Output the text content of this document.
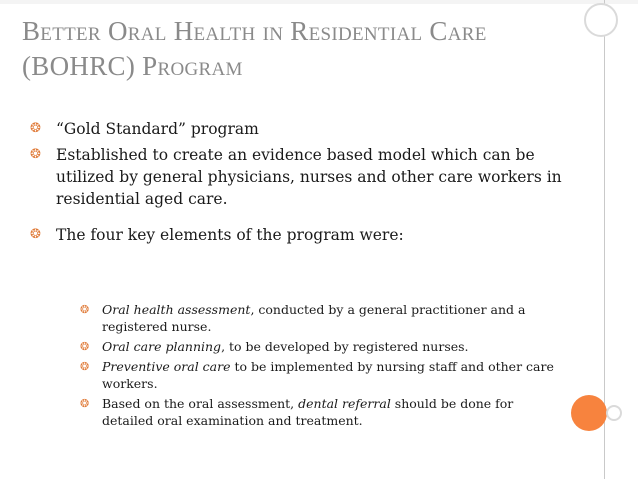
Better Oral Health in Residential Care (BOHRC) Program
❂ “Gold Standard” program
❂ Established to create an evidence based model which can be utilized by general physicians, nurses and other care workers in residential aged care.
❂ The four key elements of the program were:
❂	Oral health assessment, conducted by a general practitioner and a registered nurse.
❂	Oral care planning, to be developed by registered nurses.
❂	Preventive oral care to be implemented by nursing staff and other care workers.
❂	Based on the oral assessment, dental referral should be done for detailed oral examination and treatment.
